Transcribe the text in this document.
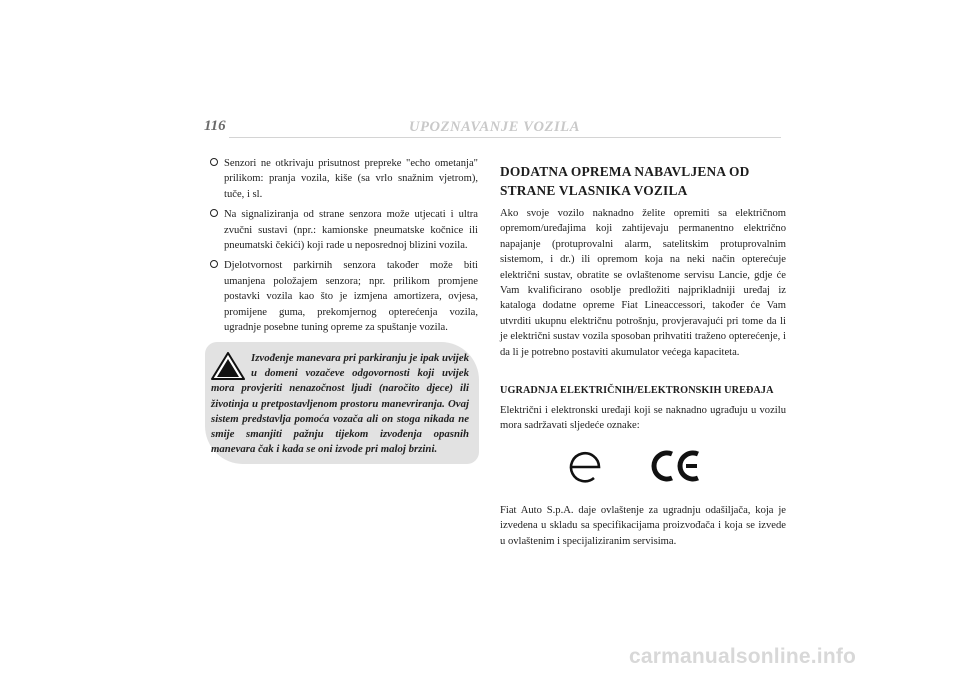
116	UPOZNAVANJE VOZILA
Senzori ne otkrivaju prisutnost prepreke "echo ometanja" prilikom: pranja vozila, kiše (sa vrlo snažnim vjetrom), tuče, i sl.
Na signaliziranja od strane senzora može utjecati i ultra zvučni sustavi (npr.: kamionske pneumatske kočnice ili pneumatski čekići) koji rade u neposrednoj blizini vozila.
Djelotvornost parkirnih senzora također može biti umanjena položajem senzora; npr. prilikom promjene postavki vozila kao što je izmjena amortizera, ovjesa, promijene guma, prekomjernog opterećenja vozila, ugradnje posebne tuning opreme za spuštanje vozila.
Izvođenje manevara pri parkiranju je ipak uvijek u domeni vozačeve odgovornosti koji uvijek mora provjeriti nenazočnost ljudi (naročito djece) ili životinja u pretpostavljenom prostoru manevriranja. Ovaj sistem predstavlja pomoćа vozača ali on stoga nikada ne smije smanjiti pažnju tijekom izvođenja opasnih manevara čak i kada se oni izvode pri maloj brzini.
DODATNA OPREMA NABAVLJENA OD STRANE VLASNIKA VOZILA

Ako svoje vozilo naknadno želite opremiti sa električnom opremom/uređajima koji zahtijevaju permanentno električno napajanje (protuprovalni alarm, satelitskim protuprovalnim sistemom, i dr.) ili opremom koja na neki način opterećuje električni sustav, obratite se ovlaštenome servisu Lancie, gdje će Vam kvalificirano osoblje predložiti najprikladniji uređaj iz kataloga dodatne opreme Fiat Lineaccessori, također će Vam utvrditi ukupnu električnu potrošnju, provjeravajući pri tome da li je električni sustav vozila sposoban prihvatiti traženo opterećenje, i da li je potrebno postaviti akumulator većega kapaciteta.

UGRADNJA ELEKTRIČNIH/ELEKTRONSKIH UREĐAJA

Električni i elektronski uređaji koji se naknadno ugrađuju u vozilu mora sadržavati sljedeće oznake:

Fiat Auto S.p.A. daje ovlaštenje za ugradnju odašiljača, koja je izvedena u skladu sa specifikacijama proizvođača i koja se izvede u ovlaštenim i specijaliziranim servisima.

carmanualsonline.info
